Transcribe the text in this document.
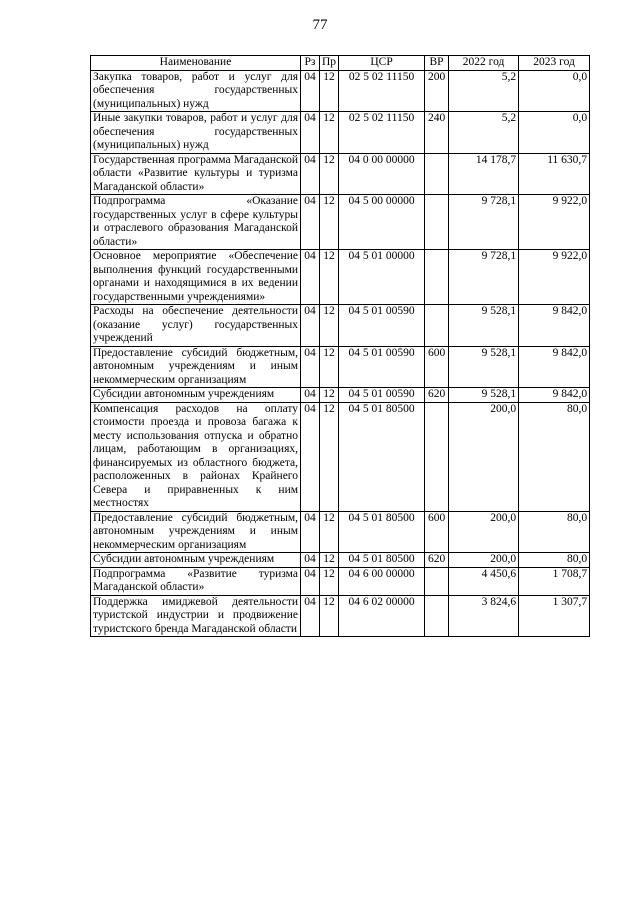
77
Наименование	Рз	Пр	ЦСР	ВР	2022 год	2023 год
Закупка товаров, работ и услуг для обеспечения государственных (муниципальных) нужд	04	12	02 5 02 11150	200	5,2	0,0
Иные закупки товаров, работ и услуг для обеспечения государственных (муниципальных) нужд	04	12	02 5 02 11150	240	5,2	0,0
Государственная программа Магаданской области «Развитие культуры и туризма Магаданской области»	04	12	04 0 00 00000		14 178,7	11 630,7
Подпрограмма «Оказание государственных услуг в сфере культуры и отраслевого образования Магаданской области»	04	12	04 5 00 00000		9 728,1	9 922,0
Основное мероприятие «Обеспечение выполнения функций государственными органами и находящимися в их ведении государственными учреждениями»	04	12	04 5 01 00000		9 728,1	9 922,0
Расходы на обеспечение деятельности (оказание услуг) государственных учреждений	04	12	04 5 01 00590		9 528,1	9 842,0
Предоставление субсидий бюджетным, автономным учреждениям и иным некоммерческим организациям	04	12	04 5 01 00590	600	9 528,1	9 842,0
Субсидии автономным учреждениям	04	12	04 5 01 00590	620	9 528,1	9 842,0
Компенсация расходов на оплату стоимости проезда и провоза багажа к месту использования отпуска и обратно лицам, работающим в организациях, финансируемых из областного бюджета, расположенных в районах Крайнего Севера и приравненных к ним местностях	04	12	04 5 01 80500		200,0	80,0
Предоставление субсидий бюджетным, автономным учреждениям и иным некоммерческим организациям	04	12	04 5 01 80500	600	200,0	80,0
Субсидии автономным учреждениям	04	12	04 5 01 80500	620	200,0	80,0
Подпрограмма «Развитие туризма Магаданской области»	04	12	04 6 00 00000		4 450,6	1 708,7
Поддержка имиджевой деятельности туристской индустрии и продвижение туристского бренда Магаданской области	04	12	04 6 02 00000		3 824,6	1 307,7
